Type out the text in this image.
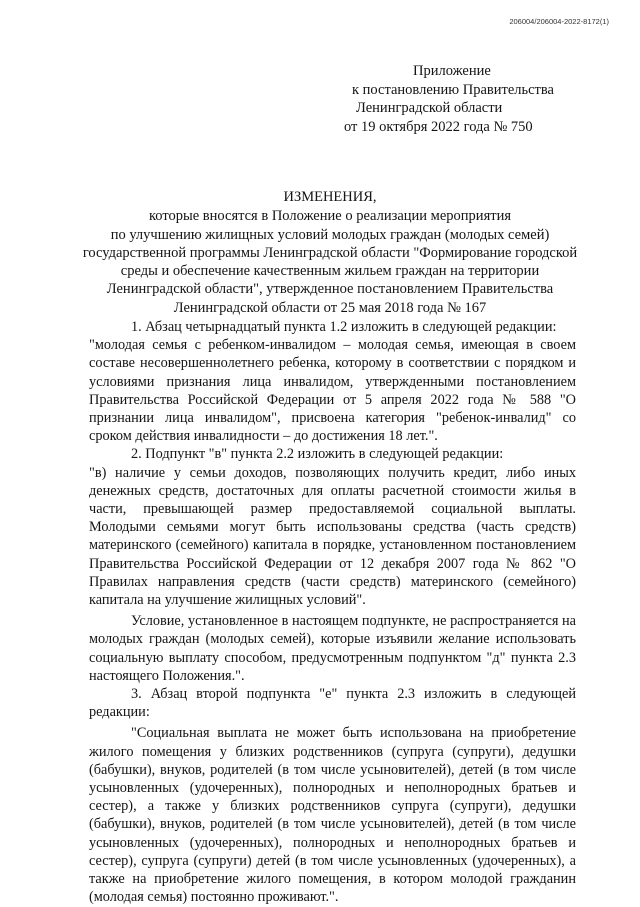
206004/206004-2022-8172(1)
Приложение
к постановлению Правительства
Ленинградской области
от 19 октября 2022 года № 750
ИЗМЕНЕНИЯ,
которые вносятся в Положение о реализации мероприятия
по улучшению жилищных условий молодых граждан (молодых семей)
государственной программы Ленинградской области "Формирование городской
среды и обеспечение качественным жильем граждан на территории
Ленинградской области", утвержденное постановлением Правительства
Ленинградской области от 25 мая 2018 года № 167

1. Абзац четырнадцатый пункта 1.2 изложить в следующей редакции:

"молодая семья с ребенком-инвалидом – молодая семья, имеющая в своем составе несовершеннолетнего ребенка, которому в соответствии с порядком и условиями признания лица инвалидом, утвержденными постановлением Правительства Российской Федерации от 5 апреля 2022 года № 588 "О признании лица инвалидом", присвоена категория "ребенок-инвалид" со сроком действия инвалидности – до достижения 18 лет.".

2. Подпункт "в" пункта 2.2 изложить в следующей редакции:

"в) наличие у семьи доходов, позволяющих получить кредит, либо иных денежных средств, достаточных для оплаты расчетной стоимости жилья в части, превышающей размер предоставляемой социальной выплаты. Молодыми семьями могут быть использованы средства (часть средств) материнского (семейного) капитала в порядке, установленном постановлением Правительства Российской Федерации от 12 декабря 2007 года № 862 "О Правилах направления средств (части средств) материнского (семейного) капитала на улучшение жилищных условий".

Условие, установленное в настоящем подпункте, не распространяется на молодых граждан (молодых семей), которые изъявили желание использовать социальную выплату способом, предусмотренным подпунктом "д" пункта 2.3 настоящего Положения.".

3. Абзац второй подпункта "е" пункта 2.3 изложить в следующей редакции:

"Социальная выплата не может быть использована на приобретение жилого помещения у близких родственников (супруга (супруги), дедушки (бабушки), внуков, родителей (в том числе усыновителей), детей (в том числе усыновленных (удочеренных), полнородных и неполнородных братьев и сестер), а также у близких родственников супруга (супруги), дедушки (бабушки), внуков, родителей (в том числе усыновителей), детей (в том числе усыновленных (удочеренных), полнородных и неполнородных братьев и сестер), супруга (супруги) детей (в том числе усыновленных (удочеренных), а также на приобретение жилого помещения, в котором молодой гражданин (молодая семья) постоянно проживают.".
